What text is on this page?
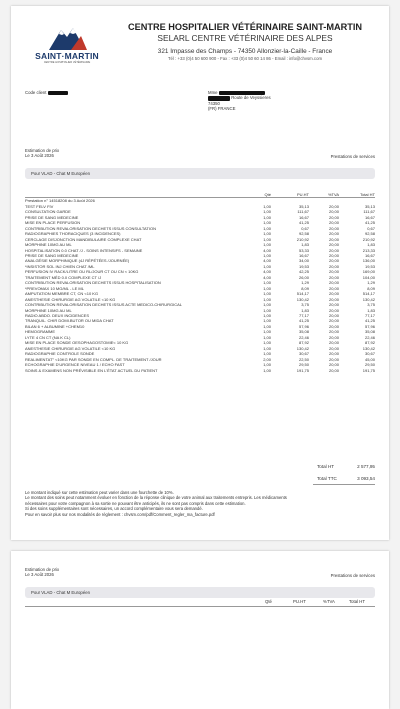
SAINT·MARTIN
CENTRE HOSPITALIER VÉTÉRINAIRE
CENTRE HOSPITALIER VÉTÉRINAIRE SAINT-MARTIN
SELARL CENTRE VÉTÉRINAIRE DES ALPES
321 Impasse des Champs - 74350 Allonzier-la-Caille - France
Tél : +33 (0)4 50 600 900 - Fax : +33 (0)4 50 60 14 86 - Email : info@chvsm.com
Code client	Mme
Route de Veyssieres
74350
(FR) FRANCE
Estimation de prix
Le 3 Août 2026	Prestations de services
Pour VLAD - Chat M Européen
	Qté	PU.HT	%TVA	Total HT
Prestation n° 14518208 du 3 Août 2026				
TEST FELV FIV	1,00	35,13	20,00	35,13
CONSULTATION GARDE	1,00	111,67	20,00	111,67
PRISE DE SANG MEDECINE	1,00	16,67	20,00	16,67
MISE EN PLACE PERFUSION	1,00	41,25	20,00	41,25
CONTRIBUTION REVALORISATION DECHETS ISSUS CONSULTATION	1,00	0,67	20,00	0,67
RADIOGRAPHIES THORACIQUES (3 INCIDENCES)	1,00	92,58	20,00	92,58
CERCLAGE DISJONCTION MANDIBULAIRE COMPLEXE CHAT	1,00	210,92	20,00	210,92
MORPHINE 10MG AU ML	1,00	1,83	20,00	1,83
HOSPITALISATION 0.0 CHAT /J - SOINS INTENSIFS - SEMAINE	4,00	53,33	20,00	213,33
PRISE DE SANG MEDECINE	1,00	16,67	20,00	16,67
ANALGÉSIE MORPHINIQUE (4J RÉPÉTÉES /JOURNÉE)	4,00	34,00	20,00	136,00
*INSISTOR SOL INJ CHIEN CHAT /ML	1,00	19,53	20,00	19,53
PERFUSION IV RACK/LITRE OU RL/JOUR CT OU CN < 10KG	4,00	42,25	20,00	169,00
TRAITEMENT MÉD 0.0 COMPLEXE CT /J	4,00	26,00	20,00	104,00
CONTRIBUTION REVALORISATION DECHETS ISSUS HOSPITALISATION	1,00	1,29	20,00	1,29
*PREVOMAX 10 MG/ML - LE ML	1,00	8,09	20,00	8,09
AMPUTATION MEMBRE CT, CN <10 KG	1,00	514,17	20,00	514,17
ANESTHESIE CHIRURGIE AG VOLATILE <10 KG	1,00	130,42	20,00	130,42
CONTRIBUTION REVALORISATION DECHETS ISSUS ACTE MEDICO-CHIRURGICAL	1,00	3,75	20,00	3,75
MORPHINE 10MG AU ML	1,00	1,83	20,00	1,83
RADIO ABDO. DEUX INCIDENCES	1,00	77,17	20,00	77,17
TRANQUIL. CHIR DOMI.BUTOR OU MIDA CHAT	1,00	41,25	20,00	41,25
BILAN 6 + ALBUMINE +CHEM10	1,00	57,96	20,00	57,96
HEMOGRAMME	1,00	35,08	20,00	35,08
LYTE 4 CN CT (NA K CL)	1,00	22,46	20,00	22,46
MISE EN PLACE SONDE OESOPHAGOSTOMIE< 10 KG	1,00	87,92	20,00	87,92
ANESTHESIE CHIRURGIE AG VOLATILE <10 KG	1,00	130,42	20,00	130,42
RADIOGRAPHIE CONTROLE SONDE	1,00	30,67	20,00	30,67
REALIMENTAT° <10KG PAR SONDE EN COMPL. DE TRAITEMENT /JOUR	2,00	22,50	20,00	45,00
ECHOGRAPHIE D'URGENCE NIVEAU 1 / ECHO FAST	1,00	29,50	20,00	29,50
SOINS & EXAMENS NON PRÉVISIBLE EN L'ÉTAT ACTUEL DU PATIENT	1,00	191,75	20,00	191,75
Total HT	2 577,95
Total TTC	3 093,54
Le montant indiqué sur cette estimation peut varier dans une fourchette de 10%.
Le montant des soins peut notamment évoluer en fonction de la réponse clinique de votre animal aux traitements entrepris. Les médicaments
nécessaires pour votre compagnon à sa sortie ne pouvant être anticipés, ils ne sont pas compris dans cette estimation.
Si des soins supplémentaires sont nécessaires, un accord complémentaire vous sera demandé.
Pour en savoir plus sur nos modalités de règlement : chvsm.com/pdf/Comment_regler_ma_facture.pdf
Estimation de prix
Le 3 Août 2026	Prestations de services
Pour VLAD - Chat M Européen
Qté	PU.HT	%TVA	Total HT
